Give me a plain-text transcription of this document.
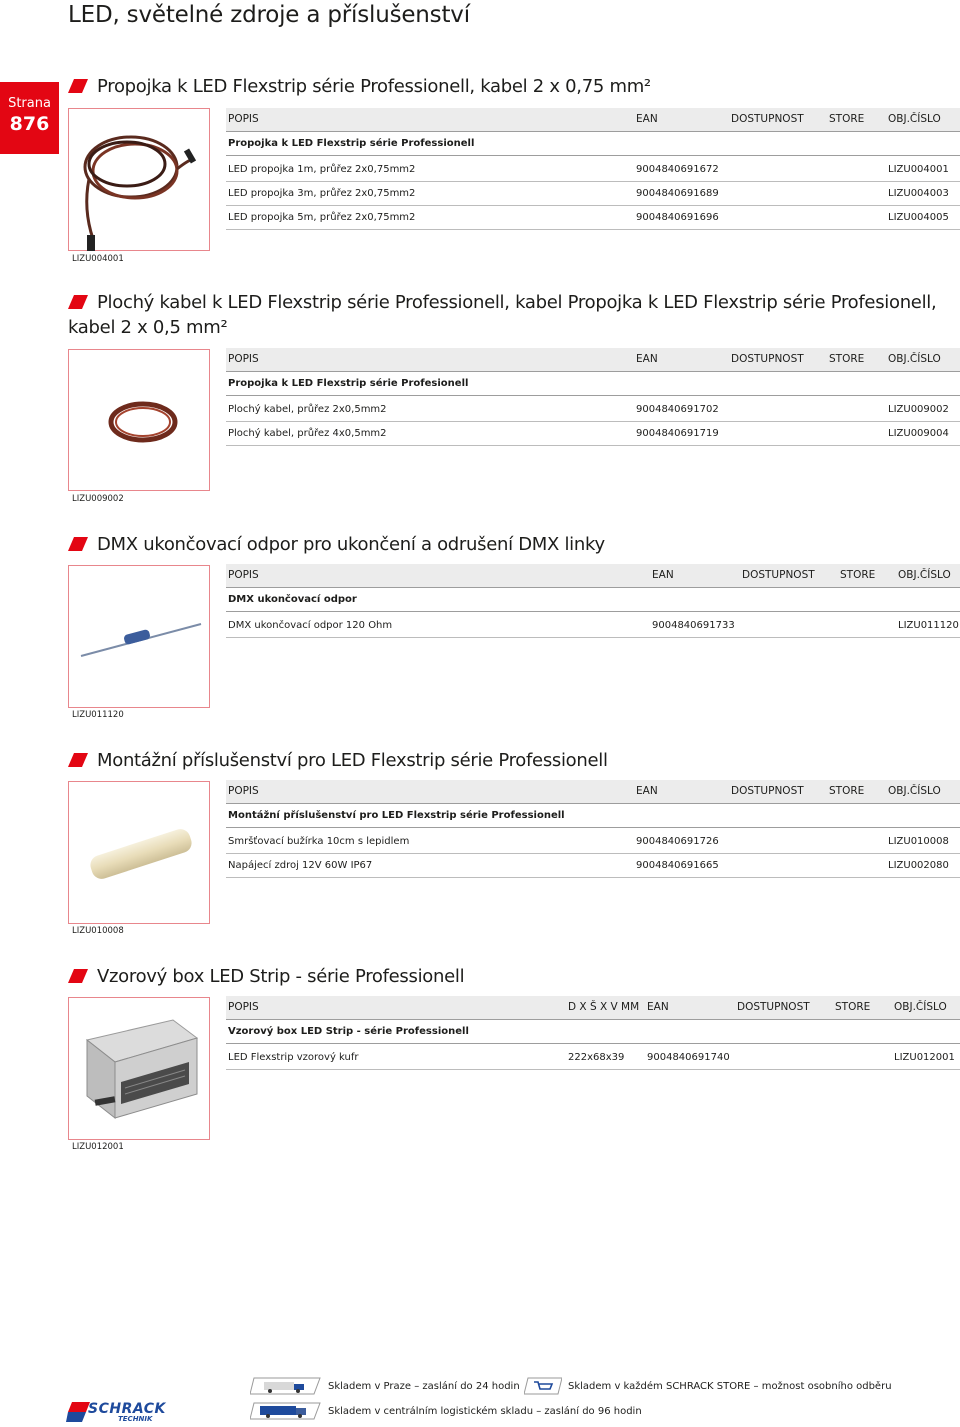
LED, světelné zdroje a příslušenství
Strana
876
Propojka k LED Flexstrip série Professionell, kabel 2 x 0,75 mm²
LIZU004001
POPIS	EAN	DOSTUPNOST STORE OBJ.ČÍSLO
Propojka k LED Flexstrip série Professionell
LED propojka 1m, průřez 2x0,75mm2	9004840691672	LIZU004001
LED propojka 3m, průřez 2x0,75mm2	9004840691689	LIZU004003
LED propojka 5m, průřez 2x0,75mm2	9004840691696	LIZU004005
Plochý kabel k LED Flexstrip série Professionell, kabel Propojka k LED Flexstrip série Profesionell, kabel 2 x 0,5 mm²
LIZU009002
POPIS	EAN	DOSTUPNOST STORE OBJ.ČÍSLO
Propojka k LED Flexstrip série Profesionell
Plochý kabel, průřez 2x0,5mm2	9004840691702	LIZU009002
Plochý kabel, průřez 4x0,5mm2	9004840691719	LIZU009004
DMX ukončovací odpor pro ukončení a odrušení DMX linky
LIZU011120
POPIS	EAN	DOSTUPNOST STORE OBJ.ČÍSLO
DMX ukončovací odpor
DMX ukončovací odpor 120 Ohm	9004840691733	LIZU011120
Montážní příslušenství pro LED Flexstrip série Professionell
LIZU010008
POPIS	EAN	DOSTUPNOST STORE OBJ.ČÍSLO
Montážní příslušenství pro LED Flexstrip série Professionell
Smršťovací bužírka 10cm s lepidlem	9004840691726	LIZU010008
Napájecí zdroj 12V 60W IP67	9004840691665	LIZU002080
Vzorový box LED Strip - série Professionell
LIZU012001
POPIS	D X Š X V MM EAN	DOSTUPNOST STORE OBJ.ČÍSLO
Vzorový box LED Strip - série Professionell
LED Flexstrip vzorový kufr	222x68x39 9004840691740	LIZU012001
SCHRACK
TECHNIK
Skladem v Praze – zaslání do 24 hodin	Skladem v každém SCHRACK STORE – možnost osobního odběru
Skladem v centrálním logistickém skladu – zaslání do 96 hodin
